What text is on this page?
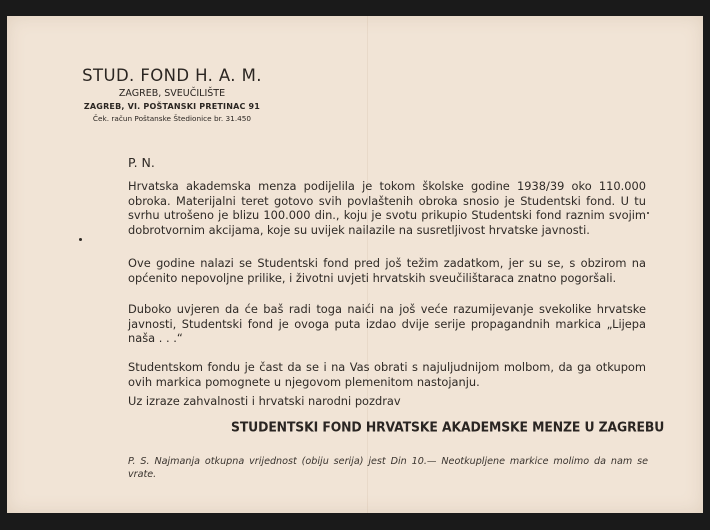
STUD. FOND H. A. M.
ZAGREB, SVEUČILIŠTE
ZAGREB, VI. POŠTANSKI PRETINAC 91
Ček. račun Poštanske Štedionice br. 31.450
P. N.
Hrvatska akademska menza podijelila je tokom školske godine 1938/39 oko 110.000 obroka. Materijalni teret gotovo svih povlaštenih obroka snosio je Studentski fond. U tu svrhu utrošeno je blizu 100.000 din., koju je svotu prikupio Studentski fond raznim svojim dobrotvornim akcijama, koje su uvijek nailazile na susretljivost hrvatske javnosti.
Ove godine nalazi se Studentski fond pred još težim zadatkom, jer su se, s obzirom na općenito nepovoljne prilike, i životni uvjeti hrvatskih sveučilištaraca znatno pogoršali.
Duboko uvjeren da će baš radi toga naići na još veće razumijevanje svekolike hrvatske javnosti, Studentski fond je ovoga puta izdao dvije serije propagandnih markica „Lijepa naša . . .“
Studentskom fondu je čast da se i na Vas obrati s najuljudnijom molbom, da ga otkupom ovih markica pomognete u njegovom plemenitom nastojanju.
Uz izraze zahvalnosti i hrvatski narodni pozdrav
STUDENTSKI FOND HRVATSKE AKADEMSKE MENZE U ZAGREBU
P. S. Najmanja otkupna vrijednost (obiju serija) jest Din 10.— Neotkupljene markice molimo da nam se vrate.
